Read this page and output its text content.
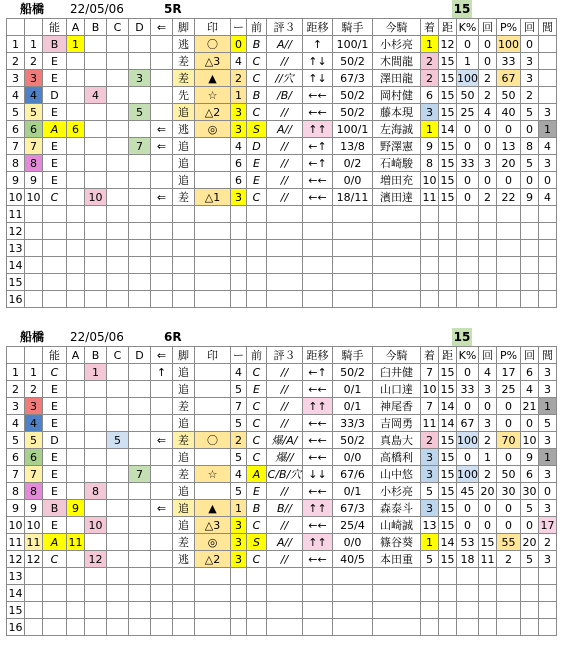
船橋 22/05/06	5R	15
		能	A	B	C	D	⇐	脚	印	ー	前	評３	距移	騎手	今騎	着	距	K%	回	P%	回	閭
1	1	B	1					逃	〇	0	B	A//	↑	100/1	小杉亮	1	12	0	0	100	0	
2	2	E						差	△3	4	C	//	↑↓	50/2	木間龍	2	15	1	0	33	3	
3	3	E				3		差	▲	2	C	//穴	↑↓	67/3	澤田龍	2	15	100	2	67	3	
4	4	D		4				先	☆	1	B	/B/	←←	50/2	岡村健	6	15	50	2	50	2	
5	5	E				5		追	△2	3	C	//	←←	50/2	藤本現	3	15	25	4	40	5	3
6	6	A	6				⇐	逃	◎	3	S	A//	↑↑	100/1	左海誠	1	14	0	0	0	0	1
7	7	E				7	⇐	追		4	D	//	←↑	13/8	野澤憲	9	15	0	0	13	8	4
8	8	E						追		6	E	//	←↑	0/2	石崎駿	8	15	33	3	20	5	3
9	9	E						追		6	E	//	←←	0/0	増田充	10	15	0	0	0	0	0
10	10	C		10			⇐	差	△1	3	C	//	←←	18/11	濱田達	11	15	0	2	22	9	4
11																						
12																						
13																						
14																						
15																						
16																						
船橋 22/05/06	6R	15
		能	A	B	C	D	⇐	脚	印	ー	前	評３	距移	騎手	今騎	着	距	K%	回	P%	回	閭
1	1	C		1			↑	追		4	C	//	←↑	50/2	臼井健	7	15	0	4	17	6	3
2	2	E						追		5	E	//	←←	0/1	山口達	10	15	33	3	25	4	3
3	3	E						差		7	C	//	↑↑	0/1	神尾香	7	14	0	0	0	21	1
4	4	E						追		5	C	//	←←	33/3	吉岡勇	11	14	67	3	0	0	5
5	5	D			5		⇐	差	〇	2	C	爆/A/	←←	50/2	真島大	2	15	100	2	70	10	3
6	6	E						追		5	C	爆//	←←	0/0	高橋利	3	15	0	1	0	9	1
7	7	E				7		差	☆	4	A	C/B/穴	↓↓	67/6	山中悠	3	15	100	2	50	6	3
8	8	E		8				追		5	E	//	←←	0/1	小杉亮	5	15	45	20	30	30	0
9	9	B	9				⇐	追	▲	1	B	B//	↑↑	67/3	森泰斗	3	15	0	0	0	5	3
10	10	E		10				追	△3	3	C	//	←←	25/4	山崎誠	13	15	0	0	0	0	17
11	11	A	11					差	◎	3	S	A//	↑↑	0/0	篠谷葵	1	14	53	15	55	20	2
12	12	C		12				逃	△2	3	C	//	←←	40/5	本田重	5	15	18	11	2	5	3
13																						
14																						
15																						
16																						
